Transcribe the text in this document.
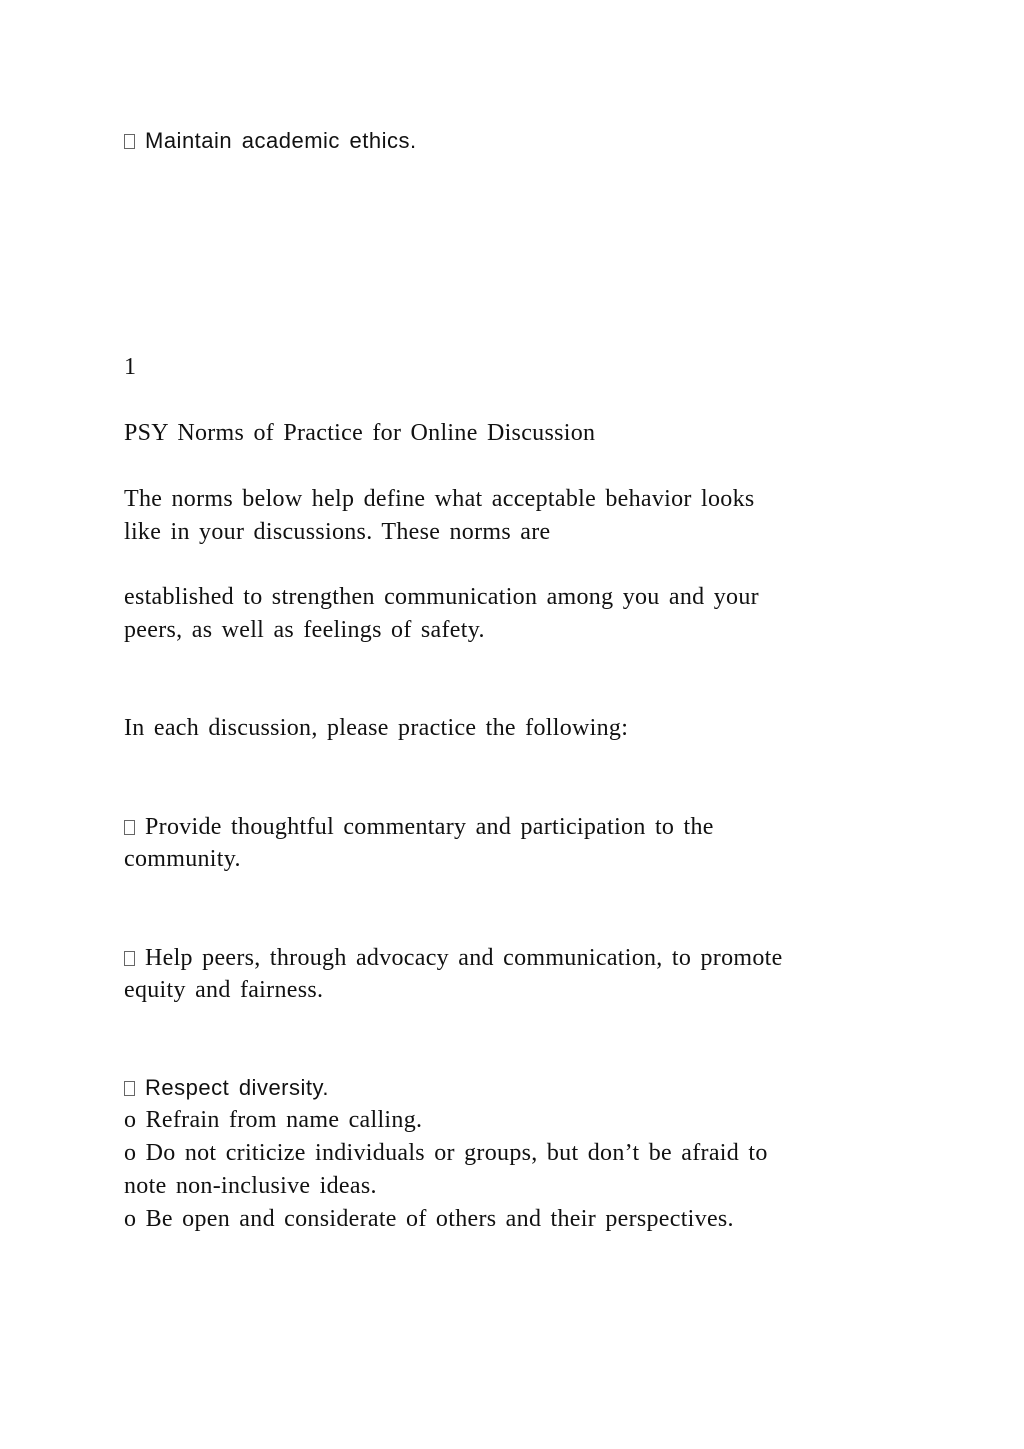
Maintain academic ethics.
1
PSY Norms of Practice for Online Discussion
The norms below help define what acceptable behavior looks
like in your discussions. These norms are
established to strengthen communication among you and your
peers, as well as feelings of safety.
In each discussion, please practice the following:
Provide thoughtful commentary and participation to the
community.
Help peers, through advocacy and communication, to promote
equity and fairness.
Respect diversity.
o Refrain from name calling.
o Do not criticize individuals or groups, but don’t be afraid to
note non-inclusive ideas.
o Be open and considerate of others and their perspectives.
